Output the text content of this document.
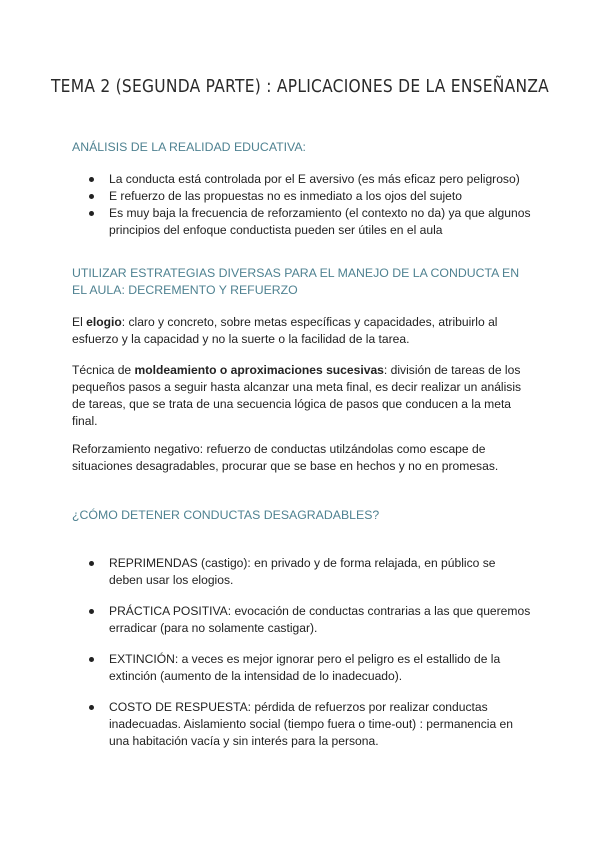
TEMA 2 (SEGUNDA PARTE) : APLICACIONES DE LA ENSEÑANZA
ANÁLISIS DE LA REALIDAD EDUCATIVA:
La conducta está controlada por el E aversivo (es más eficaz pero peligroso)
E refuerzo de las propuestas no es inmediato a los ojos del sujeto
Es muy baja la frecuencia de reforzamiento (el contexto no da) ya que algunos principios del enfoque conductista pueden ser útiles en el aula
UTILIZAR ESTRATEGIAS DIVERSAS PARA EL MANEJO DE LA CONDUCTA EN EL AULA: DECREMENTO Y REFUERZO

El elogio: claro y concreto, sobre metas específicas y capacidades, atribuirlo al esfuerzo y la capacidad y no la suerte o la facilidad de la tarea.

Técnica de moldeamiento o aproximaciones sucesivas: división de tareas de los pequeños pasos a seguir hasta alcanzar una meta final, es decir realizar un análisis de tareas, que se trata de una secuencia lógica de pasos que conducen a la meta final.

Reforzamiento negativo: refuerzo de conductas utilzándolas como escape de situaciones desagradables, procurar que se base en hechos y no en promesas.

¿CÓMO DETENER CONDUCTAS DESAGRADABLES?
REPRIMENDAS (castigo): en privado y de forma relajada, en público se deben usar los elogios.
PRÁCTICA POSITIVA: evocación de conductas contrarias a las que queremos erradicar (para no solamente castigar).
EXTINCIÓN: a veces es mejor ignorar pero el peligro es el estallido de la extinción (aumento de la intensidad de lo inadecuado).
COSTO DE RESPUESTA: pérdida de refuerzos por realizar conductas inadecuadas. Aislamiento social (tiempo fuera o time-out) : permanencia en una habitación vacía y sin interés para la persona.
